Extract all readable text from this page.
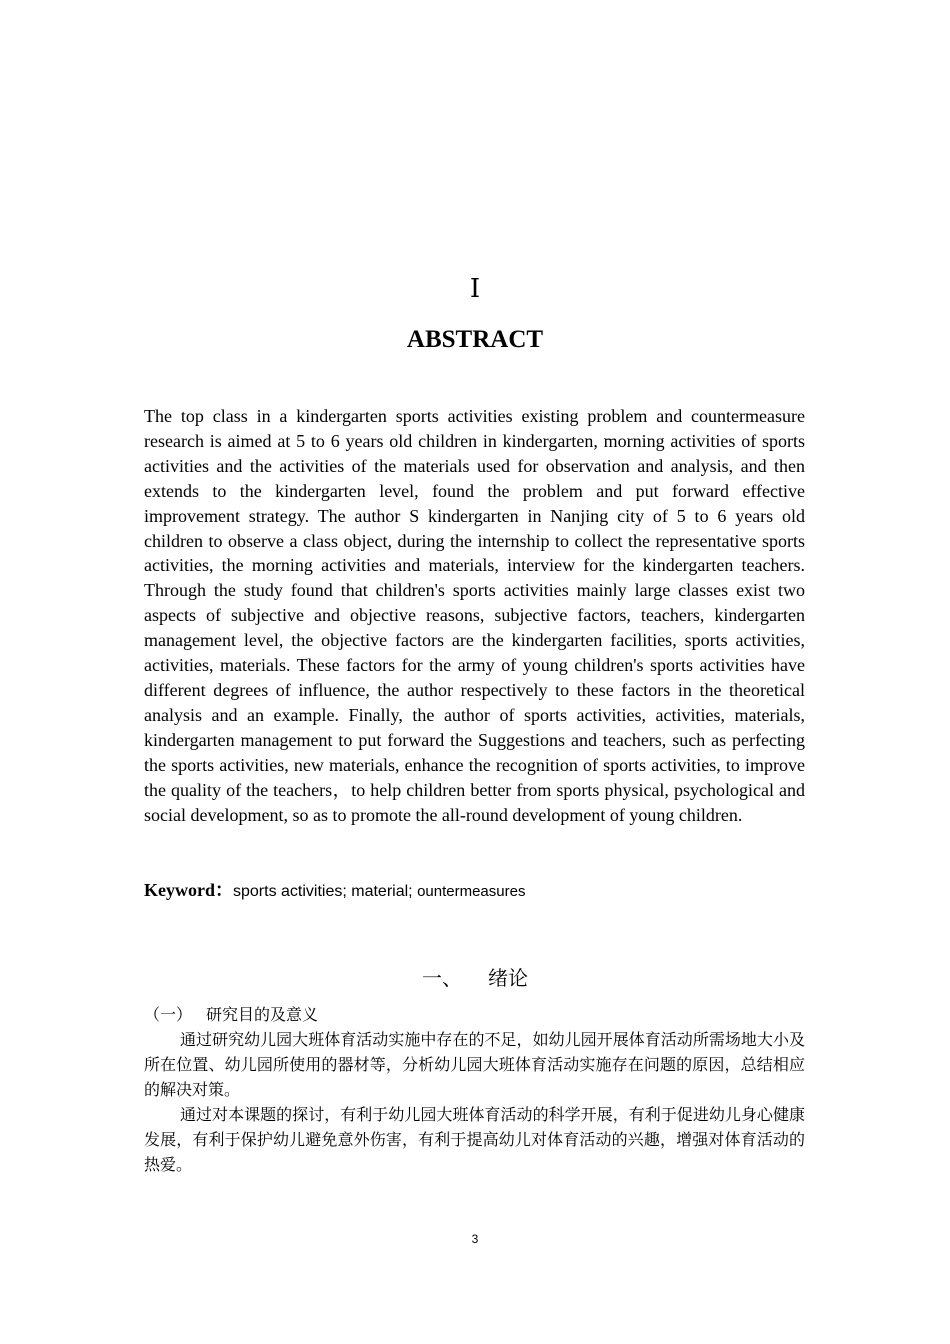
Ⅰ
ABSTRACT

The top class in a kindergarten sports activities existing problem and countermeasure research is aimed at 5 to 6 years old children in kindergarten, morning activities of sports activities and the activities of the materials used for observation and analysis, and then extends to the kindergarten level, found the problem and put forward effective improvement strategy. The author S kindergarten in Nanjing city of 5 to 6 years old children to observe a class object, during the internship to collect the representative sports activities, the morning activities and materials, interview for the kindergarten teachers. Through the study found that children's sports activities mainly large classes exist two aspects of subjective and objective reasons, subjective factors, teachers, kindergarten management level, the objective factors are the kindergarten facilities, sports activities, activities, materials. These factors for the army of young children's sports activities have different degrees of influence, the author respectively to these factors in the theoretical analysis and an example. Finally, the author of sports activities, activities, materials, kindergarten management to put forward the Suggestions and teachers, such as perfecting the sports activities, new materials, enhance the recognition of sports activities, to improve the quality of the teachers，to help children better from sports physical, psychological and social development, so as to promote the all-round development of young children.

Keyword：sports activities; material; ountermeasures
一、 绪论
（一） 研究目的及意义

通过研究幼儿园大班体育活动实施中存在的不足，如幼儿园开展体育活动所需场地大小及所在位置、幼儿园所使用的器材等，分析幼儿园大班体育活动实施存在问题的原因，总结相应的解决对策。

通过对本课题的探讨，有利于幼儿园大班体育活动的科学开展，有利于促进幼儿身心健康发展，有利于保护幼儿避免意外伤害，有利于提高幼儿对体育活动的兴趣，增强对体育活动的热爱。

3
